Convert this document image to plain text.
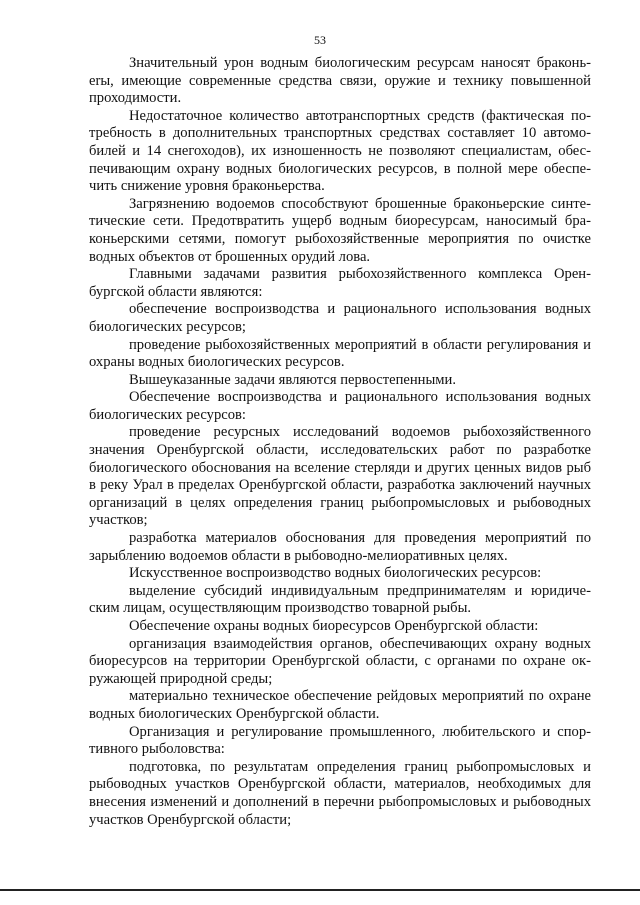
53

Значительный урон водным биологическим ресурсам наносят браконьerы, имеющие современные средства связи, оружие и технику повышенной проходимости.

Недостаточное количество автотранспортных средств (фактическая потребность в дополнительных транспортных средствах составляет 10 автомобилей и 14 снегоходов), их изношенность не позволяют специалистам, обеспечивающим охрану водных биологических ресурсов, в полной мере обеспечить снижение уровня браконьерства.

Загрязнению водоемов способствуют брошенные браконьерские синтетические сети. Предотвратить ущерб водным биоресурсам, наносимый браконьерскими сетями, помогут рыбохозяйственные мероприятия по очистке водных объектов от брошенных орудий лова.

Главными задачами развития рыбохозяйственного комплекса Оренбургской области являются:

обеспечение воспроизводства и рационального использования водных биологических ресурсов;

проведение рыбохозяйственных мероприятий в области регулирования и охраны водных биологических ресурсов.

Вышеуказанные задачи являются первостепенными.

Обеспечение воспроизводства и рационального использования водных биологических ресурсов:

проведение ресурсных исследований водоемов рыбохозяйственного значения Оренбургской области, исследовательских работ по разработке биологического обоснования на вселение стерляди и других ценных видов рыб в реку Урал в пределах Оренбургской области, разработка заключений научных организаций в целях определения границ рыбопромысловых и рыбоводных участков;

разработка материалов обоснования для проведения мероприятий по зарыблению водоемов области в рыбоводно-мелиоративных целях.

Искусственное воспроизводство водных биологических ресурсов:

выделение субсидий индивидуальным предпринимателям и юридическим лицам, осуществляющим производство товарной рыбы.

Обеспечение охраны водных биоресурсов Оренбургской области:

организация взаимодействия органов, обеспечивающих охрану водных биоресурсов на территории Оренбургской области, с органами по охране окружающей природной среды;

материально техническое обеспечение рейдовых мероприятий по охране водных биологических Оренбургской области.

Организация и регулирование промышленного, любительского и спортивного рыболовства:

подготовка, по результатам определения границ рыбопромысловых и рыбоводных участков Оренбургской области, материалов, необходимых для внесения изменений и дополнений в перечни рыбопромысловых и рыбоводных участков Оренбургской области;
